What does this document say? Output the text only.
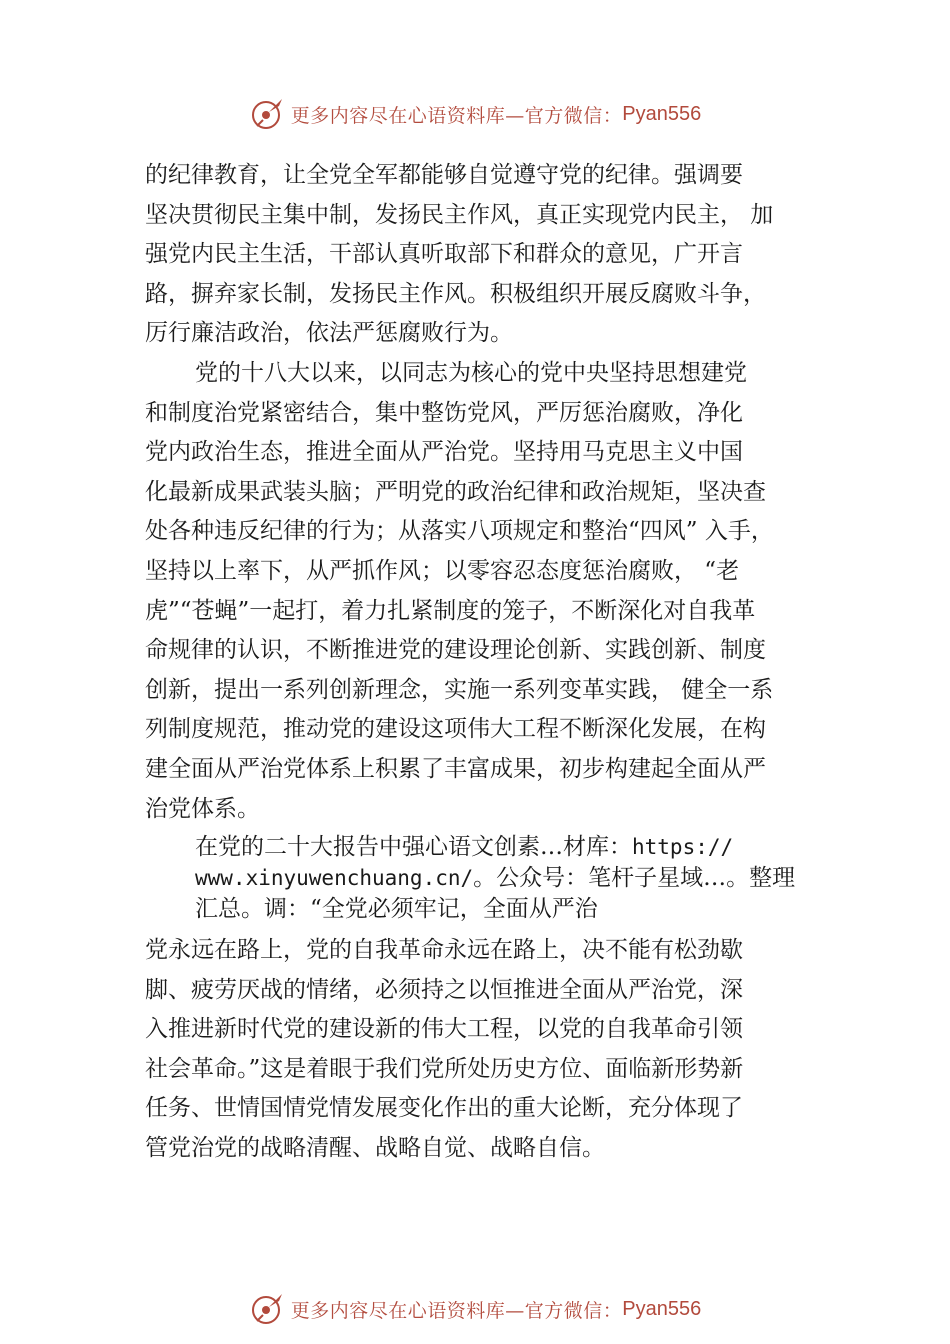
更多内容尽在心语资料库—官方微信： Pyan556
的纪律教育，让全党全军都能够自觉遵守党的纪律。强调要
坚决贯彻民主集中制，发扬民主作风，真正实现党内民主， 加
强党内民主生活，干部认真听取部下和群众的意见，广开言
路，摒弃家长制，发扬民主作风。积极组织开展反腐败斗争，
厉行廉洁政治，依法严惩腐败行为。
党的十八大以来，以同志为核心的党中央坚持思想建党
和制度治党紧密结合，集中整饬党风，严厉惩治腐败，净化
党内政治生态，推进全面从严治党。坚持用马克思主义中国
化最新成果武装头脑；严明党的政治纪律和政治规矩，坚决查
处各种违反纪律的行为；从落实八项规定和整治“四风” 入手，
坚持以上率下，从严抓作风；以零容忍态度惩治腐败， “老
虎”“苍蝇”一起打，着力扎紧制度的笼子，不断深化对自我革
命规律的认识，不断推进党的建设理论创新、实践创新、制度
创新，提出一系列创新理念，实施一系列变革实践， 健全一系
列制度规范，推动党的建设这项伟大工程不断深化发展，在构
建全面从严治党体系上积累了丰富成果，初步构建起全面从严
治党体系。
在党的二十大报告中强心语文创素…材库：https://
www.xinyuwenchuang.cn/。公众号：笔杆子星域…。整理
汇总。调：“全党必须牢记，全面从严治
党永远在路上，党的自我革命永远在路上，决不能有松劲歇
脚、疲劳厌战的情绪，必须持之以恒推进全面从严治党，深
入推进新时代党的建设新的伟大工程，以党的自我革命引领
社会革命。”这是着眼于我们党所处历史方位、面临新形势新
任务、世情国情党情发展变化作出的重大论断，充分体现了
管党治党的战略清醒、战略自觉、战略自信。
更多内容尽在心语资料库—官方微信： Pyan556
